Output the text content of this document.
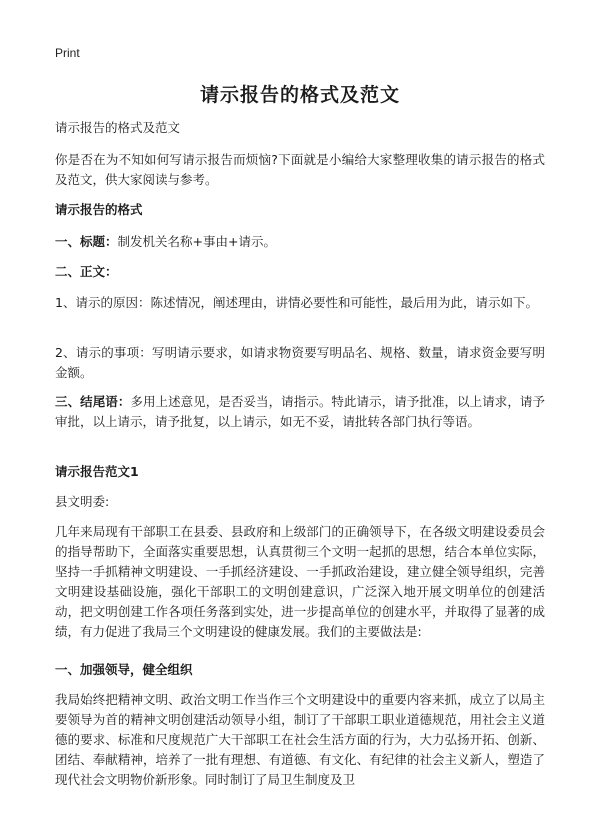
Print
请示报告的格式及范文
请示报告的格式及范文
你是否在为不知如何写请示报告而烦恼?下面就是小编给大家整理收集的请示报告的格式及范文，供大家阅读与参考。
请示报告的格式
一、标题：制发机关名称+事由+请示。
二、正文：
1、请示的原因：陈述情况，阐述理由，讲情必要性和可能性，最后用为此，请示如下。
2、请示的事项：写明请示要求，如请求物资要写明品名、规格、数量，请求资金要写明金额。
三、结尾语：多用上述意见，是否妥当，请指示。特此请示，请予批准，以上请求，请予审批，以上请示，请予批复，以上请示，如无不妥，请批转各部门执行等语。
请示报告范文1
县文明委:
几年来局现有干部职工在县委、县政府和上级部门的正确领导下，在各级文明建设委员会的指导帮助下，全面落实重要思想，认真贯彻三个文明一起抓的思想，结合本单位实际，坚持一手抓精神文明建设、一手抓经济建设、一手抓政治建设，建立健全领导组织，完善文明建设基础设施，强化干部职工的文明创建意识，广泛深入地开展文明单位的创建活动，把文明创建工作各项任务落到实处，进一步提高单位的创建水平，并取得了显著的成绩，有力促进了我局三个文明建设的健康发展。我们的主要做法是:
一、加强领导，健全组织
我局始终把精神文明、政治文明工作当作三个文明建设中的重要内容来抓，成立了以局主要领导为首的精神文明创建活动领导小组，制订了干部职工职业道德规范，用社会主义道德的要求、标准和尺度规范广大干部职工在社会生活方面的行为，大力弘扬开拓、创新、团结、奉献精神，培养了一批有理想、有道德、有文化、有纪律的社会主义新人，塑造了现代社会文明物价新形象。同时制订了局卫生制度及卫
